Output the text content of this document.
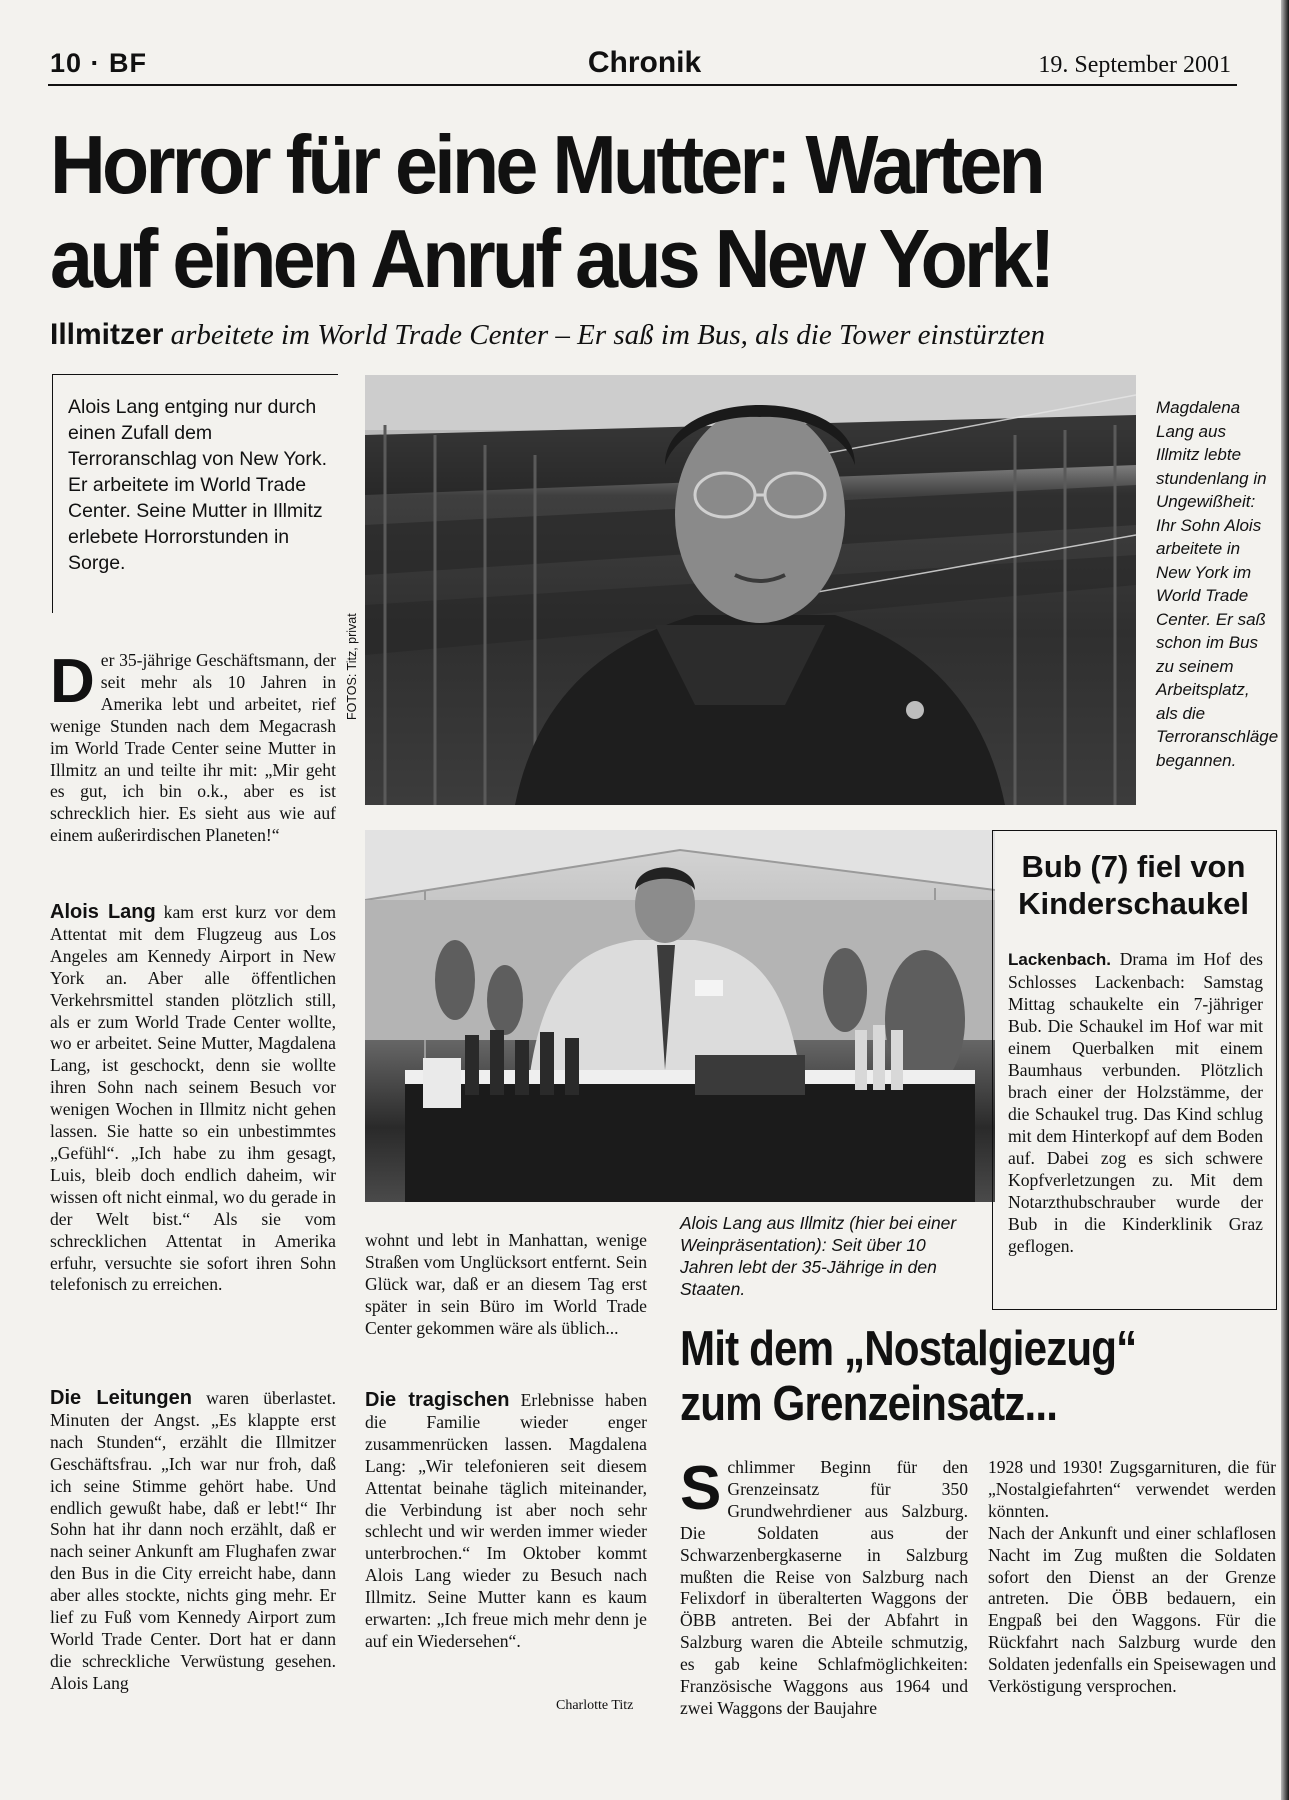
10 · BF	Chronik	19. September 2001
Horror für eine Mutter: Warten
auf einen Anruf aus New York!
Illmitzer arbeitete im World Trade Center – Er saß im Bus, als die Tower einstürzten
Alois Lang entging nur durch einen Zufall dem Terroranschlag von New York. Er arbeitete im World Trade Center. Seine Mutter in Illmitz erlebete Horrorstunden in Sorge.
FOTOS: Titz, privat
Magdalena Lang aus Illmitz lebte stundenlang in Ungewißheit: Ihr Sohn Alois arbeitete in New York im World Trade Center. Er saß schon im Bus zu seinem Arbeitsplatz, als die Terroranschläge begannen.
Alois Lang aus Illmitz (hier bei einer Weinpräsentation): Seit über 10 Jahren lebt der 35-Jährige in den Staaten.
Der 35-jährige Geschäftsmann, der seit mehr als 10 Jahren in Amerika lebt und arbeitet, rief wenige Stunden nach dem Megacrash im World Trade Center seine Mutter in Illmitz an und teilte ihr mit: „Mir geht es gut, ich bin o.k., aber es ist schrecklich hier. Es sieht aus wie auf einem außerirdischen Planeten!“
Alois Lang kam erst kurz vor dem Attentat mit dem Flugzeug aus Los Angeles am Kennedy Airport in New York an. Aber alle öffentlichen Verkehrsmittel standen plötzlich still, als er zum World Trade Center wollte, wo er arbeitet. Seine Mutter, Magdalena Lang, ist geschockt, denn sie wollte ihren Sohn nach seinem Besuch vor wenigen Wochen in Illmitz nicht gehen lassen. Sie hatte so ein unbestimmtes „Gefühl“. „Ich habe zu ihm gesagt, Luis, bleib doch endlich daheim, wir wissen oft nicht einmal, wo du gerade in der Welt bist.“ Als sie vom schrecklichen Attentat in Amerika erfuhr, versuchte sie sofort ihren Sohn telefonisch zu erreichen.
Die Leitungen waren überlastet. Minuten der Angst. „Es klappte erst nach Stunden“, erzählt die Illmitzer Geschäftsfrau. „Ich war nur froh, daß ich seine Stimme gehört habe. Und endlich gewußt habe, daß er lebt!“ Ihr Sohn hat ihr dann noch erzählt, daß er nach seiner Ankunft am Flughafen zwar den Bus in die City erreicht habe, dann aber alles stockte, nichts ging mehr. Er lief zu Fuß vom Kennedy Airport zum World Trade Center. Dort hat er dann die schreckliche Verwüstung gesehen. Alois Lang
wohnt und lebt in Manhattan, wenige Straßen vom Unglücksort entfernt. Sein Glück war, daß er an diesem Tag erst später in sein Büro im World Trade Center gekommen wäre als üblich...
Die tragischen Erlebnisse haben die Familie wieder enger zusammenrücken lassen. Magdalena Lang: „Wir telefonieren seit diesem Attentat beinahe täglich miteinander, die Verbindung ist aber noch sehr schlecht und wir werden immer wieder unterbrochen.“ Im Oktober kommt Alois Lang wieder zu Besuch nach Illmitz. Seine Mutter kann es kaum erwarten: „Ich freue mich mehr denn je auf ein Wiedersehen“.
Charlotte Titz
Bub (7) fiel von Kinderschaukel
Lackenbach. Drama im Hof des Schlosses Lackenbach: Samstag Mittag schaukelte ein 7-jähriger Bub. Die Schaukel im Hof war mit einem Querbalken mit einem Baumhaus verbunden. Plötzlich brach einer der Holzstämme, der die Schaukel trug. Das Kind schlug mit dem Hinterkopf auf dem Boden auf. Dabei zog es sich schwere Kopfverletzungen zu. Mit dem Notarzthubschrauber wurde der Bub in die Kinderklinik Graz geflogen.
Mit dem „Nostalgiezug“ zum Grenzeinsatz...
Schlimmer Beginn für den Grenzeinsatz für 350 Grundwehrdiener aus Salzburg. Die Soldaten aus der Schwarzenbergkaserne in Salzburg mußten die Reise von Salzburg nach Felixdorf in überalterten Waggons der ÖBB antreten. Bei der Abfahrt in Salzburg waren die Abteile schmutzig, es gab keine Schlafmöglichkeiten: Französische Waggons aus 1964 und zwei Waggons der Baujahre
1928 und 1930! Zugsgarnituren, die für „Nostalgiefahrten“ verwendet werden könnten.
Nach der Ankunft und einer schlaflosen Nacht im Zug mußten die Soldaten sofort den Dienst an der Grenze antreten. Die ÖBB bedauern, ein Engpaß bei den Waggons. Für die Rückfahrt nach Salzburg wurde den Soldaten jedenfalls ein Speisewagen und Verköstigung versprochen.
